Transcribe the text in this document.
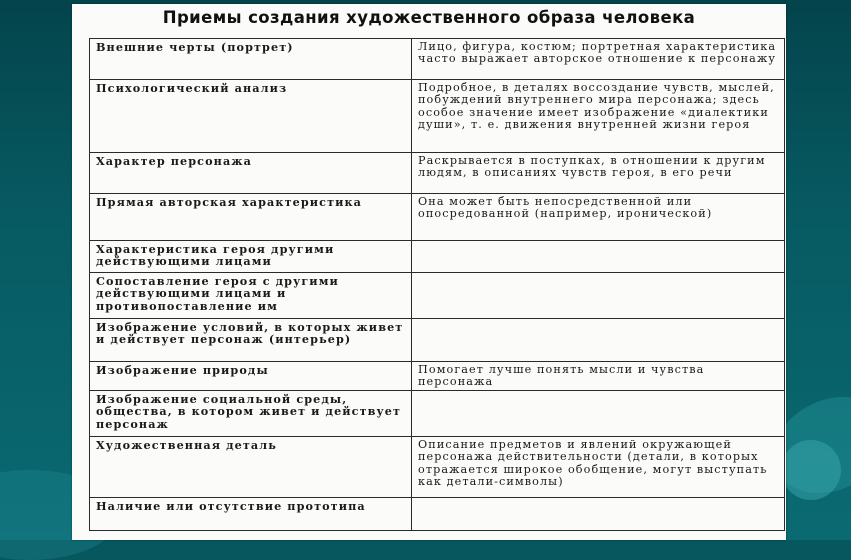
Приемы создания художественного образа человека
Внешние черты (портрет)	Лицо, фигура, костюм; портретная характеристика часто выражает авторское отношение к персонажу
Психологический анализ	Подробное, в деталях воссоздание чувств, мыслей, побуждений внутреннего мира персонажа; здесь особое значение имеет изображение «диалектики души», т. е. движения внутренней жизни героя
Характер персонажа	Раскрывается в поступках, в отношении к другим людям, в описаниях чувств героя, в его речи
Прямая авторская характеристика	Она может быть непосредственной или опосредованной (например, иронической)
Характеристика героя другими действующими лицами	
Сопоставление героя с другими действующими лицами и противопоставление им	
Изображение условий, в которых живет и действует персонаж (интерьер)	
Изображение природы	Помогает лучше понять мысли и чувства персонажа
Изображение социальной среды, общества, в котором живет и действует персонаж	
Художественная деталь	Описание предметов и явлений окружающей персонажа действительности (детали, в которых отражается широкое обобщение, могут выступать как детали-символы)
Наличие или отсутствие прототипа	
